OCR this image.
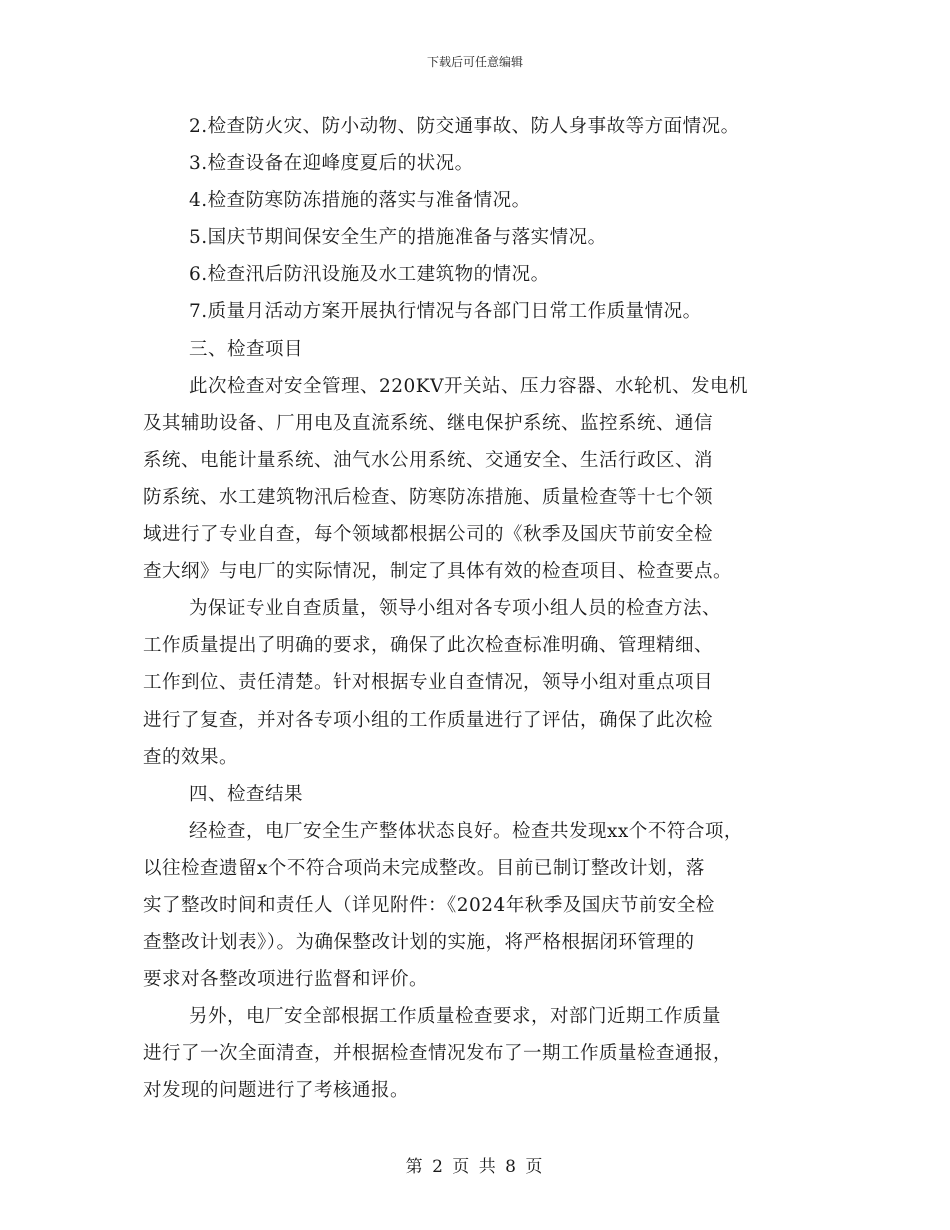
下载后可任意编辑
2.检查防火灾、防小动物、防交通事故、防人身事故等方面情况。
3.检查设备在迎峰度夏后的状况。
4.检查防寒防冻措施的落实与准备情况。
5.国庆节期间保安全生产的措施准备与落实情况。
6.检查汛后防汛设施及水工建筑物的情况。
7.质量月活动方案开展执行情况与各部门日常工作质量情况。
三、检查项目
此次检查对安全管理、220KV开关站、压力容器、水轮机、发电机
及其辅助设备、厂用电及直流系统、继电保护系统、监控系统、通信
系统、电能计量系统、油气水公用系统、交通安全、生活行政区、消
防系统、水工建筑物汛后检查、防寒防冻措施、质量检查等十七个领
域进行了专业自查，每个领域都根据公司的《秋季及国庆节前安全检
查大纲》与电厂的实际情况，制定了具体有效的检查项目、检查要点。
为保证专业自查质量，领导小组对各专项小组人员的检查方法、
工作质量提出了明确的要求，确保了此次检查标准明确、管理精细、
工作到位、责任清楚。针对根据专业自查情况，领导小组对重点项目
进行了复查，并对各专项小组的工作质量进行了评估，确保了此次检
查的效果。
四、检查结果
经检查，电厂安全生产整体状态良好。检查共发现xx个不符合项，
以往检查遗留x个不符合项尚未完成整改。目前已制订整改计划，落
实了整改时间和责任人（详见附件：《2024年秋季及国庆节前安全检
查整改计划表》）。为确保整改计划的实施，将严格根据闭环管理的
要求对各整改项进行监督和评价。
另外，电厂安全部根据工作质量检查要求，对部门近期工作质量
进行了一次全面清查，并根据检查情况发布了一期工作质量检查通报，
对发现的问题进行了考核通报。
第 2 页 共 8 页
